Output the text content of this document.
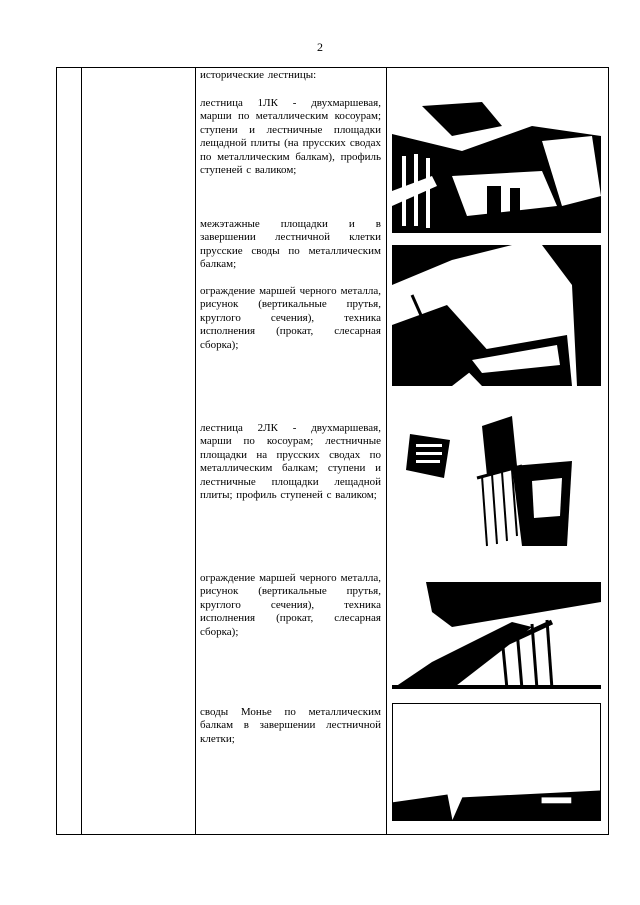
2
исторические лестницы:
лестница 1ЛК - двухмаршевая, марши по металлическим косоурам; ступени и лестничные площадки лещадной плиты (на прусских сводах по металлическим балкам), профиль ступеней с валиком;
межэтажные площадки и в завершении лестничной клетки прусские своды по металлическим балкам;
ограждение маршей черного металла, рисунок (вертикальные прутья, круглого сечения), техника исполнения (прокат, слесарная сборка);
лестница 2ЛК - двухмаршевая, марши по косоурам; лестничные площадки на прусских сводах по металлическим балкам; ступени и лестничные площадки лещадной плиты; профиль ступеней с валиком;
ограждение маршей черного металла, рисунок (вертикальные прутья, круглого сечения), техника исполнения (прокат, слесарная сборка);
своды Монье по металлическим балкам в завершении лестничной клетки;
